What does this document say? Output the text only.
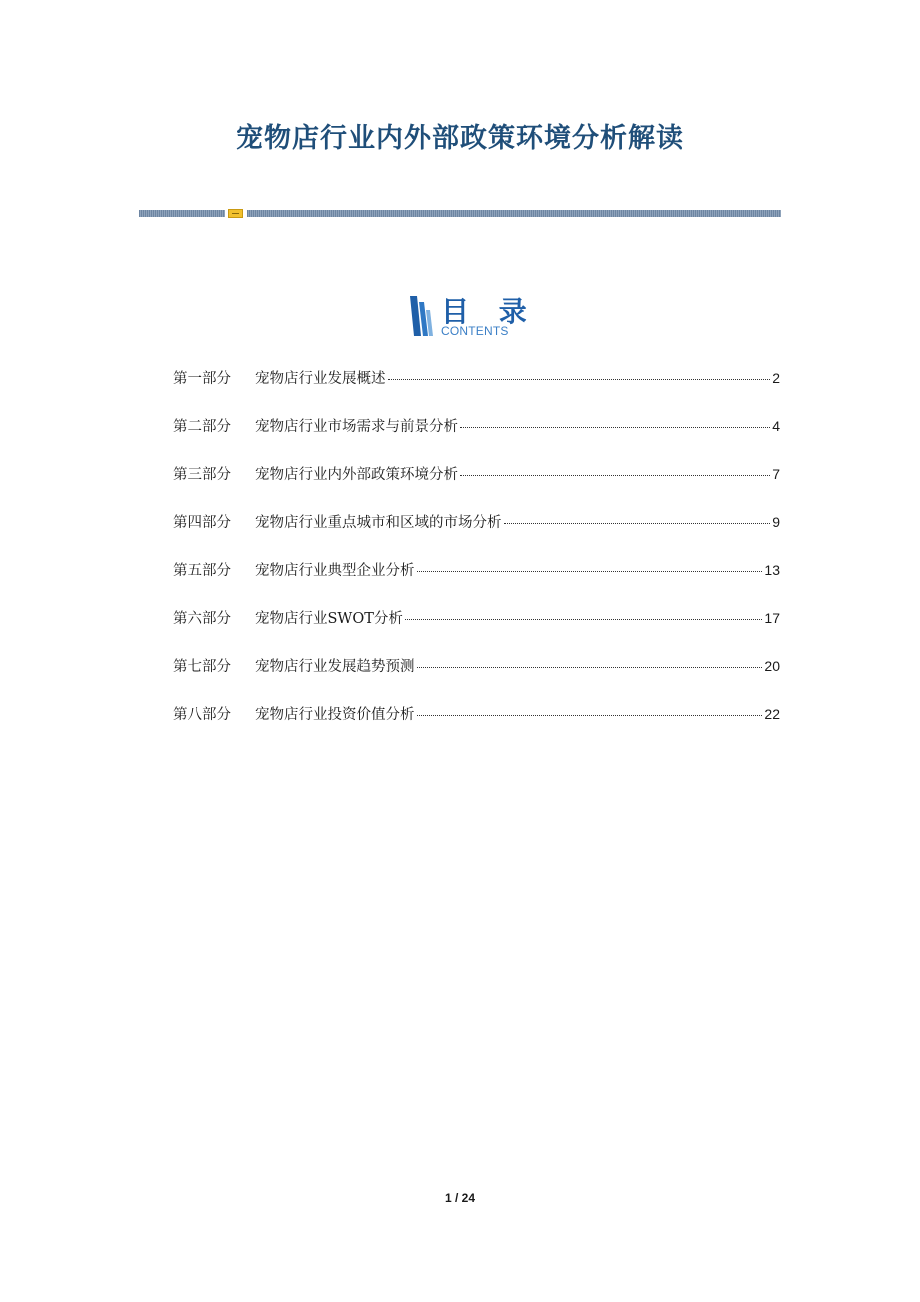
宠物店行业内外部政策环境分析解读
目 录
CONTENTS
第一部分	宠物店行业发展概述	2
第二部分	宠物店行业市场需求与前景分析	4
第三部分	宠物店行业内外部政策环境分析	7
第四部分	宠物店行业重点城市和区域的市场分析	9
第五部分	宠物店行业典型企业分析	13
第六部分	宠物店行业SWOT分析	17
第七部分	宠物店行业发展趋势预测	20
第八部分	宠物店行业投资价值分析	22
1 / 24
